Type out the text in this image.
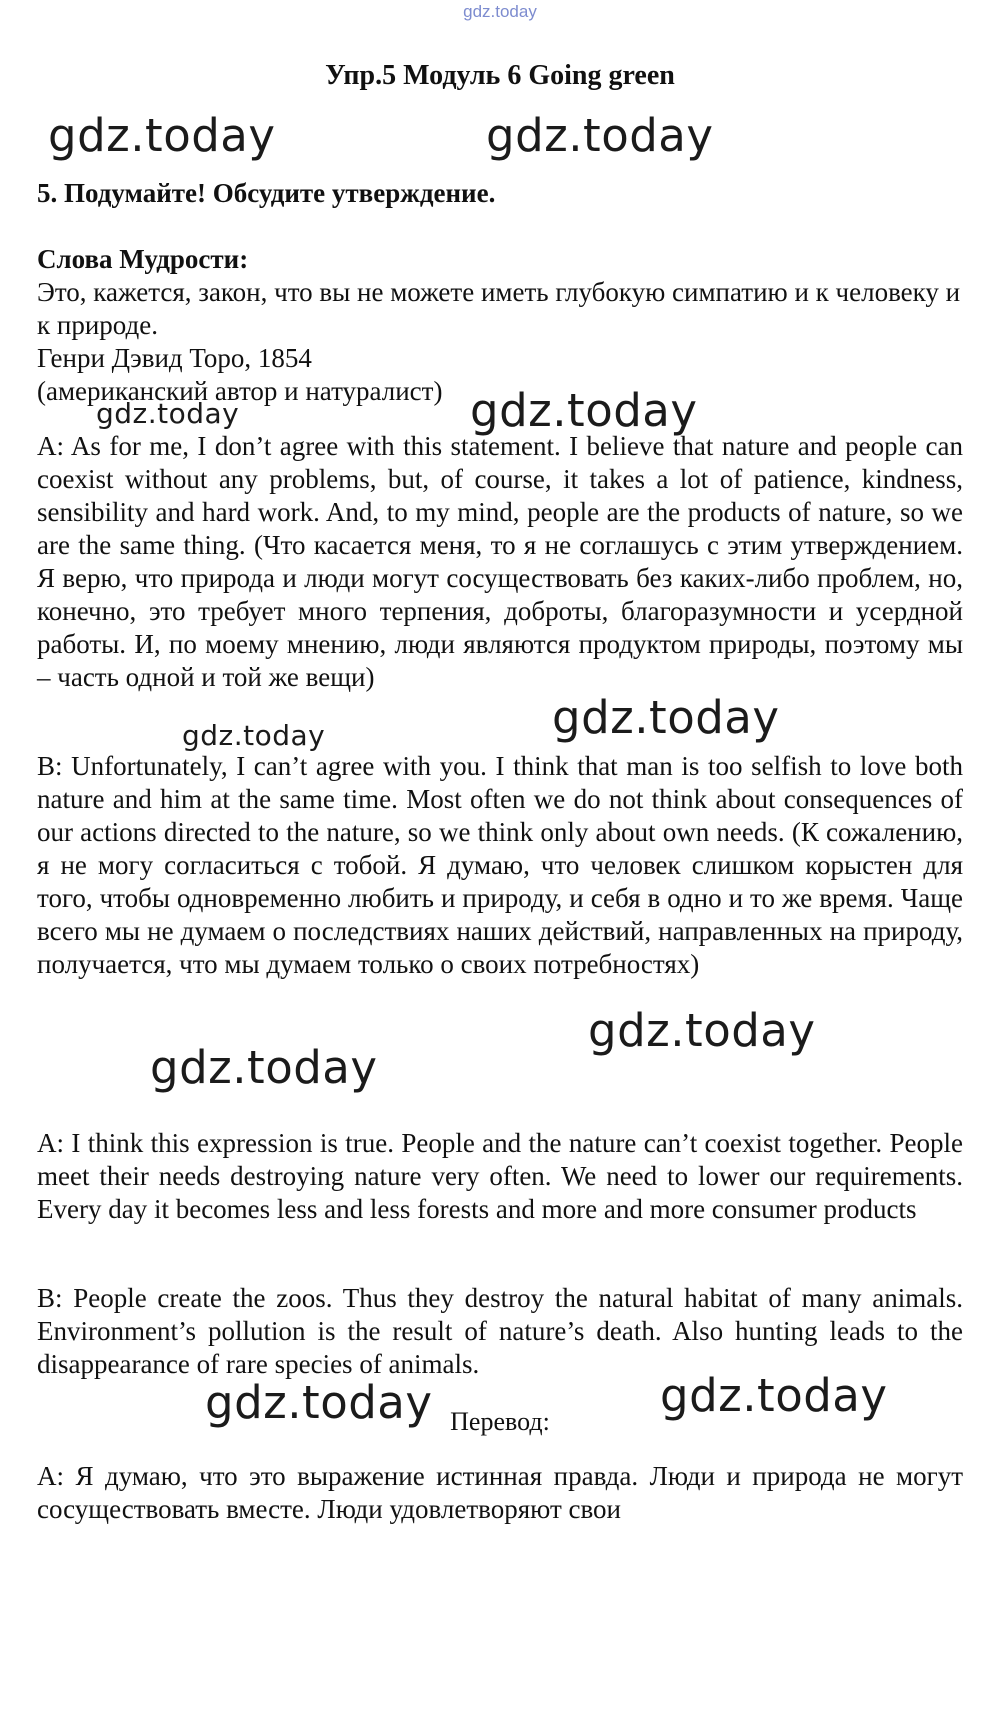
gdz.today
Упр.5 Модуль 6 Going green
gdz.today	gdz.today
5. Подумайте! Обсудите утверждение.
Слова Мудрости:
Это, кажется, закон, что вы не можете иметь глубокую симпатию и к человеку и к природе.
Генри Дэвид Торо, 1854
(американский автор и натуралист) gdz.today
gdz.today
A: As for me, I don’t agree with this statement. I believe that nature and people can coexist without any problems, but, of course, it takes a lot of patience, kindness, sensibility and hard work. And, to my mind, people are the products of nature, so we are the same thing. (Что касается меня, то я не соглашусь с этим утверждением. Я верю, что природа и люди могут сосуществовать без каких-либо проблем, но, конечно, это требует много терпения, доброты, благоразумности и усердной работы. И, по моему мнению, люди являются продуктом природы, поэтому мы – часть одной и той же вещи)
gdz.today
gdz.today
B: Unfortunately, I can’t agree with you. I think that man is too selfish to love both nature and him at the same time. Most often we do not think about consequences of our actions directed to the nature, so we think only about own needs. (К сожалению, я не могу согласиться с тобой. Я думаю, что человек слишком корыстен для того, чтобы одновременно любить и природу, и себя в одно и то же время. Чаще всего мы не думаем о последствиях наших действий, направленных на природу, получается, что мы думаем только о своих потребностях)
gdz.today
gdz.today
A: I think this expression is true. People and the nature can’t coexist together. People meet their needs destroying nature very often. We need to lower our requirements. Every day it becomes less and less forests and more and more consumer products
B: People create the zoos. Thus they destroy the natural habitat of many animals. Environment’s pollution is the result of nature’s death. Also hunting leads to the disappearance of rare species of animals.
gdz.today
gdz.today Перевод:
А: Я думаю, что это выражение истинная правда. Люди и природа не могут сосуществовать вместе. Люди удовлетворяют свои
